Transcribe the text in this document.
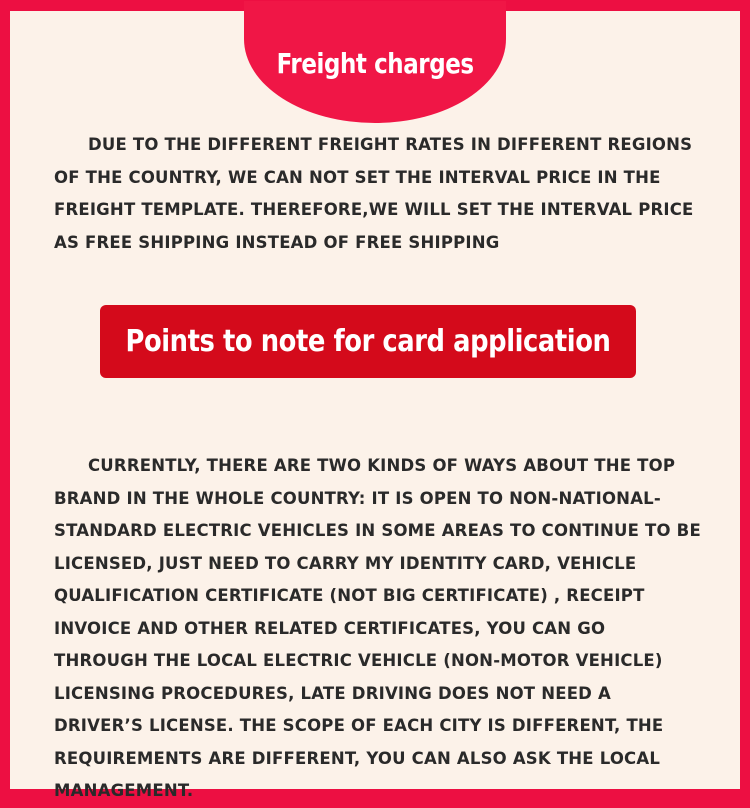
Freight charges

DUE TO THE DIFFERENT FREIGHT RATES IN DIFFERENT REGIONS OF THE COUNTRY, WE CAN NOT SET THE INTERVAL PRICE IN THE FREIGHT TEMPLATE. THEREFORE,WE WILL SET THE INTERVAL PRICE AS FREE SHIPPING INSTEAD OF FREE SHIPPING

Points to note for card application

CURRENTLY, THERE ARE TWO KINDS OF WAYS ABOUT THE TOP BRAND IN THE WHOLE COUNTRY: IT IS OPEN TO NON-NATIONAL-STANDARD ELECTRIC VEHICLES IN SOME AREAS TO CONTINUE TO BE LICENSED, JUST NEED TO CARRY MY IDENTITY CARD, VEHICLE QUALIFICATION CERTIFICATE (NOT BIG CERTIFICATE) , RECEIPT INVOICE AND OTHER RELATED CERTIFICATES, YOU CAN GO THROUGH THE LOCAL ELECTRIC VEHICLE (NON-MOTOR VEHICLE) LICENSING PROCEDURES, LATE DRIVING DOES NOT NEED A DRIVER’S LICENSE. THE SCOPE OF EACH CITY IS DIFFERENT, THE REQUIREMENTS ARE DIFFERENT, YOU CAN ALSO ASK THE LOCAL MANAGEMENT.
